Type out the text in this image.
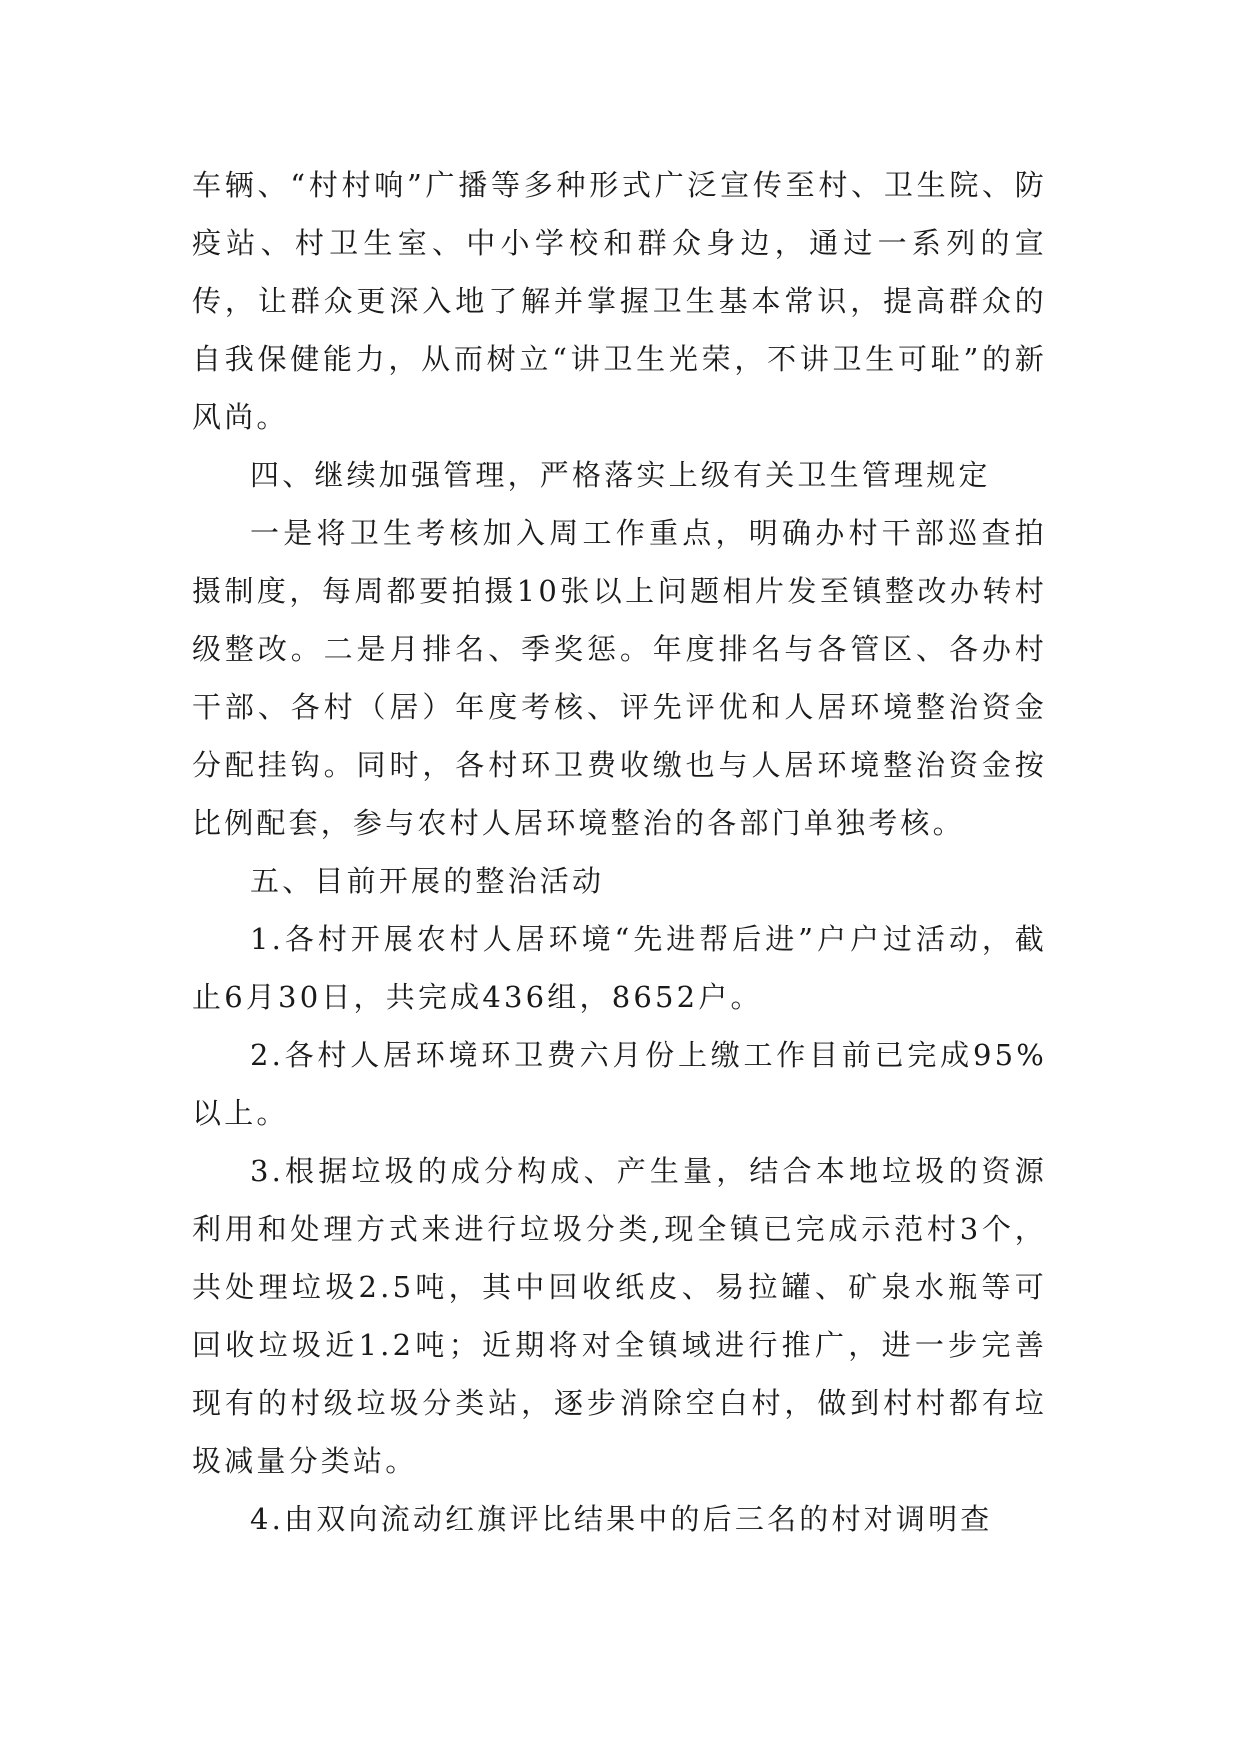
车辆、“村村响”广播等多种形式广泛宣传至村、卫生院、防疫站、村卫生室、中小学校和群众身边，通过一系列的宣传，让群众更深入地了解并掌握卫生基本常识，提高群众的自我保健能力，从而树立“讲卫生光荣，不讲卫生可耻”的新风尚。

四、继续加强管理，严格落实上级有关卫生管理规定

一是将卫生考核加入周工作重点，明确办村干部巡查拍摄制度，每周都要拍摄10张以上问题相片发至镇整改办转村级整改。二是月排名、季奖惩。年度排名与各管区、各办村干部、各村（居）年度考核、评先评优和人居环境整治资金分配挂钩。同时，各村环卫费收缴也与人居环境整治资金按比例配套，参与农村人居环境整治的各部门单独考核。

五、目前开展的整治活动

1.各村开展农村人居环境“先进帮后进”户户过活动，截止6月30日，共完成436组，8652户。

2.各村人居环境环卫费六月份上缴工作目前已完成95%以上。

3.根据垃圾的成分构成、产生量，结合本地垃圾的资源利用和处理方式来进行垃圾分类,现全镇已完成示范村3个，共处理垃圾2.5吨，其中回收纸皮、易拉罐、矿泉水瓶等可回收垃圾近1.2吨；近期将对全镇域进行推广，进一步完善现有的村级垃圾分类站，逐步消除空白村，做到村村都有垃圾减量分类站。

4.由双向流动红旗评比结果中的后三名的村对调明查
